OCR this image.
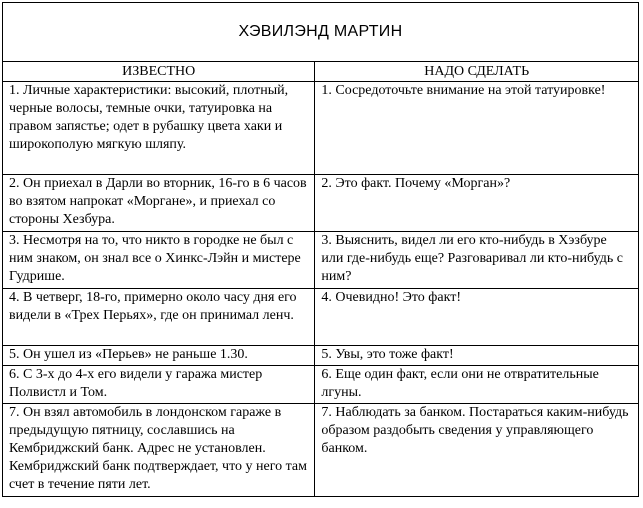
ХЭВИЛЭНД МАРТИН	
ИЗВЕСТНО	НАДО СДЕЛАТЬ
1. Личные характеристики: высокий, плотный, черные волосы, темные очки, татуировка на правом запястье; одет в рубашку цвета хаки и широкополую мягкую шляпу.	1. Сосредоточьте внимание на этой татуировке!
2. Он приехал в Дарли во вторник, 16-го в 6 часов во взятом напрокат «Морганe», и приехал со стороны Хезбура.	2. Это факт. Почему «Морган»?
3. Несмотря на то, что никто в городке не был с ним знаком, он знал все о Хинкс-Лэйн и мистере Гудрише.	3. Выяснить, видел ли его кто-нибудь в Хэзбуре или где-нибудь еще? Разговаривал ли кто-нибудь с ним?
4. В четверг, 18-го, примерно около часу дня его видели в «Трех Перьях», где он принимал ленч.	4. Очевидно! Это факт!
5. Он ушел из «Перьев» не раньше 1.30.	5. Увы, это тоже факт!
6. С 3-х до 4-х его видели у гаража мистер Полвистл и Том.	6. Еще один факт, если они не отвратительные лгуны.
7. Он взял автомобиль в лондонском гараже в предыдущую пятницу, сославшись на Кембриджский банк. Адрес не установлен. Кембриджский банк подтверждает, что у него там счет в течение пяти лет.	7. Наблюдать за банком. Постараться каким-нибудь образом раздобыть сведения у управляющего банком.
